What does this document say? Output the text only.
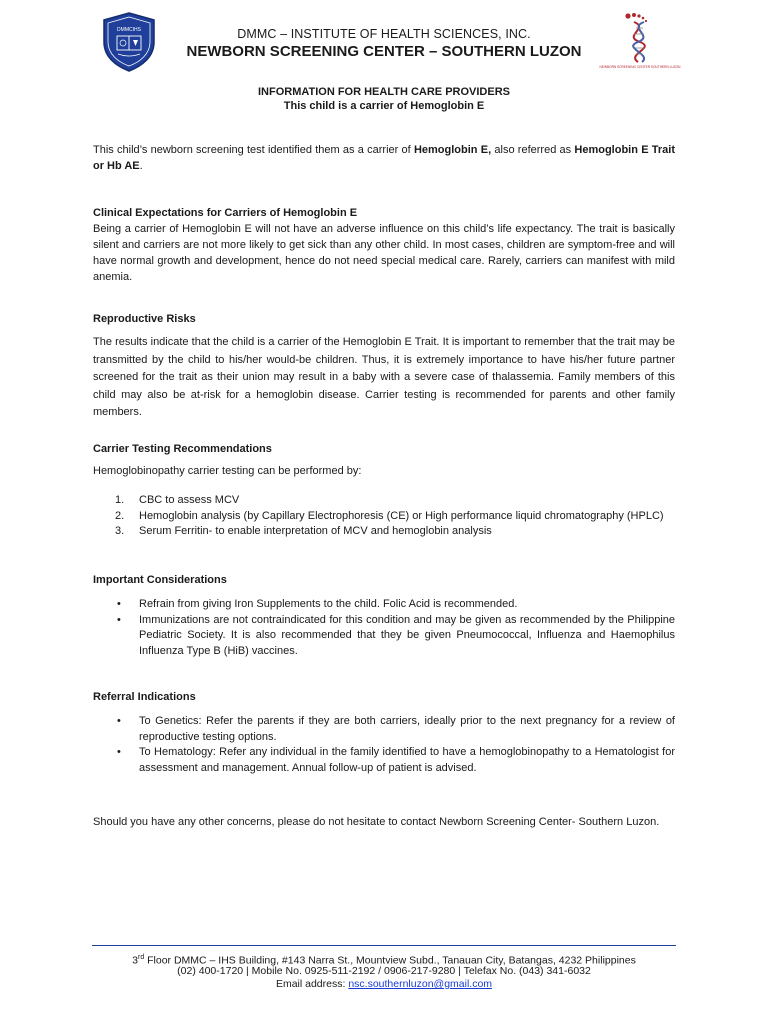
DMMCIHS	DMMC – INSTITUTE OF HEALTH SCIENCES, INC.
NEWBORN SCREENING CENTER – SOUTHERN LUZON
NEWBORN SCREENING CENTER SOUTHERN LUZON
INFORMATION FOR HEALTH CARE PROVIDERS
This child is a carrier of Hemoglobin E
This child’s newborn screening test identified them as a carrier of Hemoglobin E, also referred as Hemoglobin E Trait or Hb AE.
Clinical Expectations for Carriers of Hemoglobin E
Being a carrier of Hemoglobin E will not have an adverse influence on this child’s life expectancy. The trait is basically silent and carriers are not more likely to get sick than any other child. In most cases, children are symptom-free and will have normal growth and development, hence do not need special medical care. Rarely, carriers can manifest with mild anemia.
Reproductive Risks
The results indicate that the child is a carrier of the Hemoglobin E Trait. It is important to remember that the trait may be transmitted by the child to his/her would-be children. Thus, it is extremely importance to have his/her future partner screened for the trait as their union may result in a baby with a severe case of thalassemia. Family members of this child may also be at-risk for a hemoglobin disease. Carrier testing is recommended for parents and other family members.
Carrier Testing Recommendations
Hemoglobinopathy carrier testing can be performed by:
1. CBC to assess MCV
2. Hemoglobin analysis (by Capillary Electrophoresis (CE) or High performance liquid chromatography (HPLC)
3. Serum Ferritin- to enable interpretation of MCV and hemoglobin analysis
Important Considerations
• Refrain from giving Iron Supplements to the child. Folic Acid is recommended.
• Immunizations are not contraindicated for this condition and may be given as recommended by the Philippine Pediatric Society. It is also recommended that they be given Pneumococcal, Influenza and Haemophilus Influenza Type B (HiB) vaccines.
Referral Indications
• To Genetics: Refer the parents if they are both carriers, ideally prior to the next pregnancy for a review of reproductive testing options.
• To Hematology: Refer any individual in the family identified to have a hemoglobinopathy to a Hematologist for assessment and management. Annual follow-up of patient is advised.
Should you have any other concerns, please do not hesitate to contact Newborn Screening Center- Southern Luzon.
3rd Floor DMMC – IHS Building, #143 Narra St., Mountview Subd., Tanauan City, Batangas, 4232 Philippines
(02) 400-1720 | Mobile No. 0925-511-2192 / 0906-217-9280 | Telefax No. (043) 341-6032
Email address: nsc.southernluzon@gmail.com
